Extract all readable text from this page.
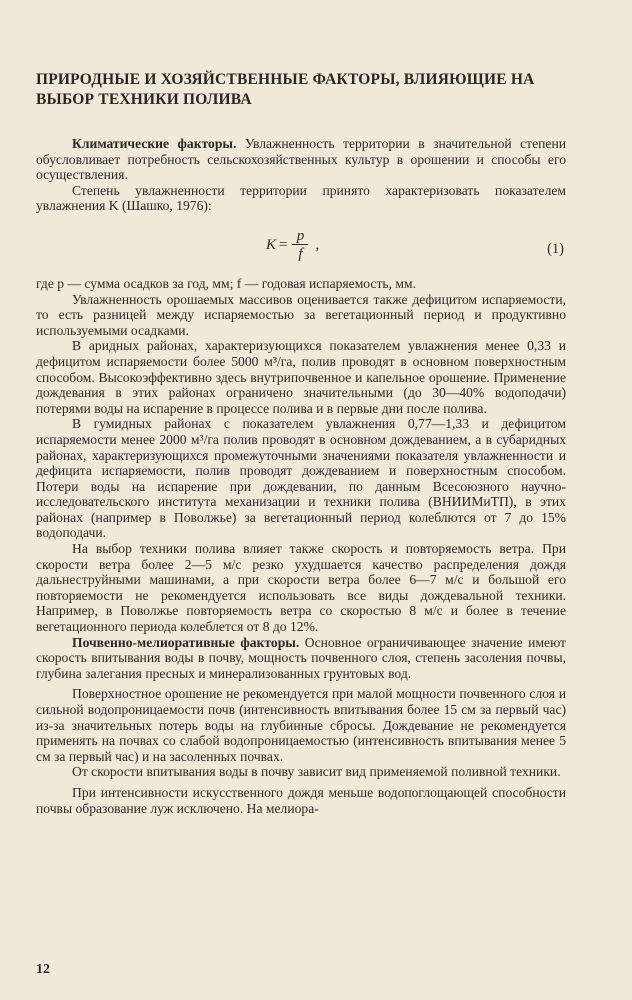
ПРИРОДНЫЕ И ХОЗЯЙСТВЕННЫЕ ФАКТОРЫ, ВЛИЯЮЩИЕ НА ВЫБОР ТЕХНИКИ ПОЛИВА

Климатические факторы. Увлажненность территории в значительной степени обусловливает потребность сельскохозяйственных культур в орошении и способы его осуществления.

Степень увлажненности территории принято характеризовать показателем увлажнения K (Шашко, 1976):

$K = \frac{p}{f}$ ,	(1)

где p — сумма осадков за год, мм; f — годовая испаряемость, мм.

Увлажненность орошаемых массивов оценивается также дефицитом испаряемости, то есть разницей между испаряемостью за вегетационный период и продуктивно используемыми осадками.

В аридных районах, характеризующихся показателем увлажнения менее 0,33 и дефицитом испаряемости более 5000 м³/га, полив проводят в основном поверхностным способом. Высокоэффективно здесь внутрипочвенное и капельное орошение. Применение дождевания в этих районах ограничено значительными (до 30—40% водоподачи) потерями воды на испарение в процессе полива и в первые дни после полива.

В гумидных районах с показателем увлажнения 0,77—1,33 и дефицитом испаряемости менее 2000 м³/га полив проводят в основном дождеванием, а в субаридных районах, характеризующихся промежуточными значениями показателя увлажненности и дефицита испаряемости, полив проводят дождеванием и поверхностным способом. Потери воды на испарение при дождевании, по данным Всесоюзного научно-исследовательского института механизации и техники полива (ВНИИМиТП), в этих районах (например в Поволжье) за вегетационный период колеблются от 7 до 15% водоподачи.

На выбор техники полива влияет также скорость и повторяемость ветра. При скорости ветра более 2—5 м/с резко ухудшается качество распределения дождя дальнеструйными машинами, а при скорости ветра более 6—7 м/с и большой его повторяемости не рекомендуется использовать все виды дождевальной техники. Например, в Поволжье повторяемость ветра со скоростью 8 м/с и более в течение вегетационного периода колеблется от 8 до 12%.

Почвенно-мелиоративные факторы. Основное ограничивающее значение имеют скорость впитывания воды в почву, мощность почвенного слоя, степень засоления почвы, глубина залегания пресных и минерализованных грунтовых вод.

Поверхностное орошение не рекомендуется при малой мощности почвенного слоя и сильной водопроницаемости почв (интенсивность впитывания более 15 см за первый час) из-за значительных потерь воды на глубинные сбросы. Дождевание не рекомендуется применять на почвах со слабой водопроницаемостью (интенсивность впитывания менее 5 см за первый час) и на засоленных почвах.

От скорости впитывания воды в почву зависит вид применяемой поливной техники.

При интенсивности искусственного дождя меньше водопоглощающей способности почвы образование луж исключено. На мелиора-

12
